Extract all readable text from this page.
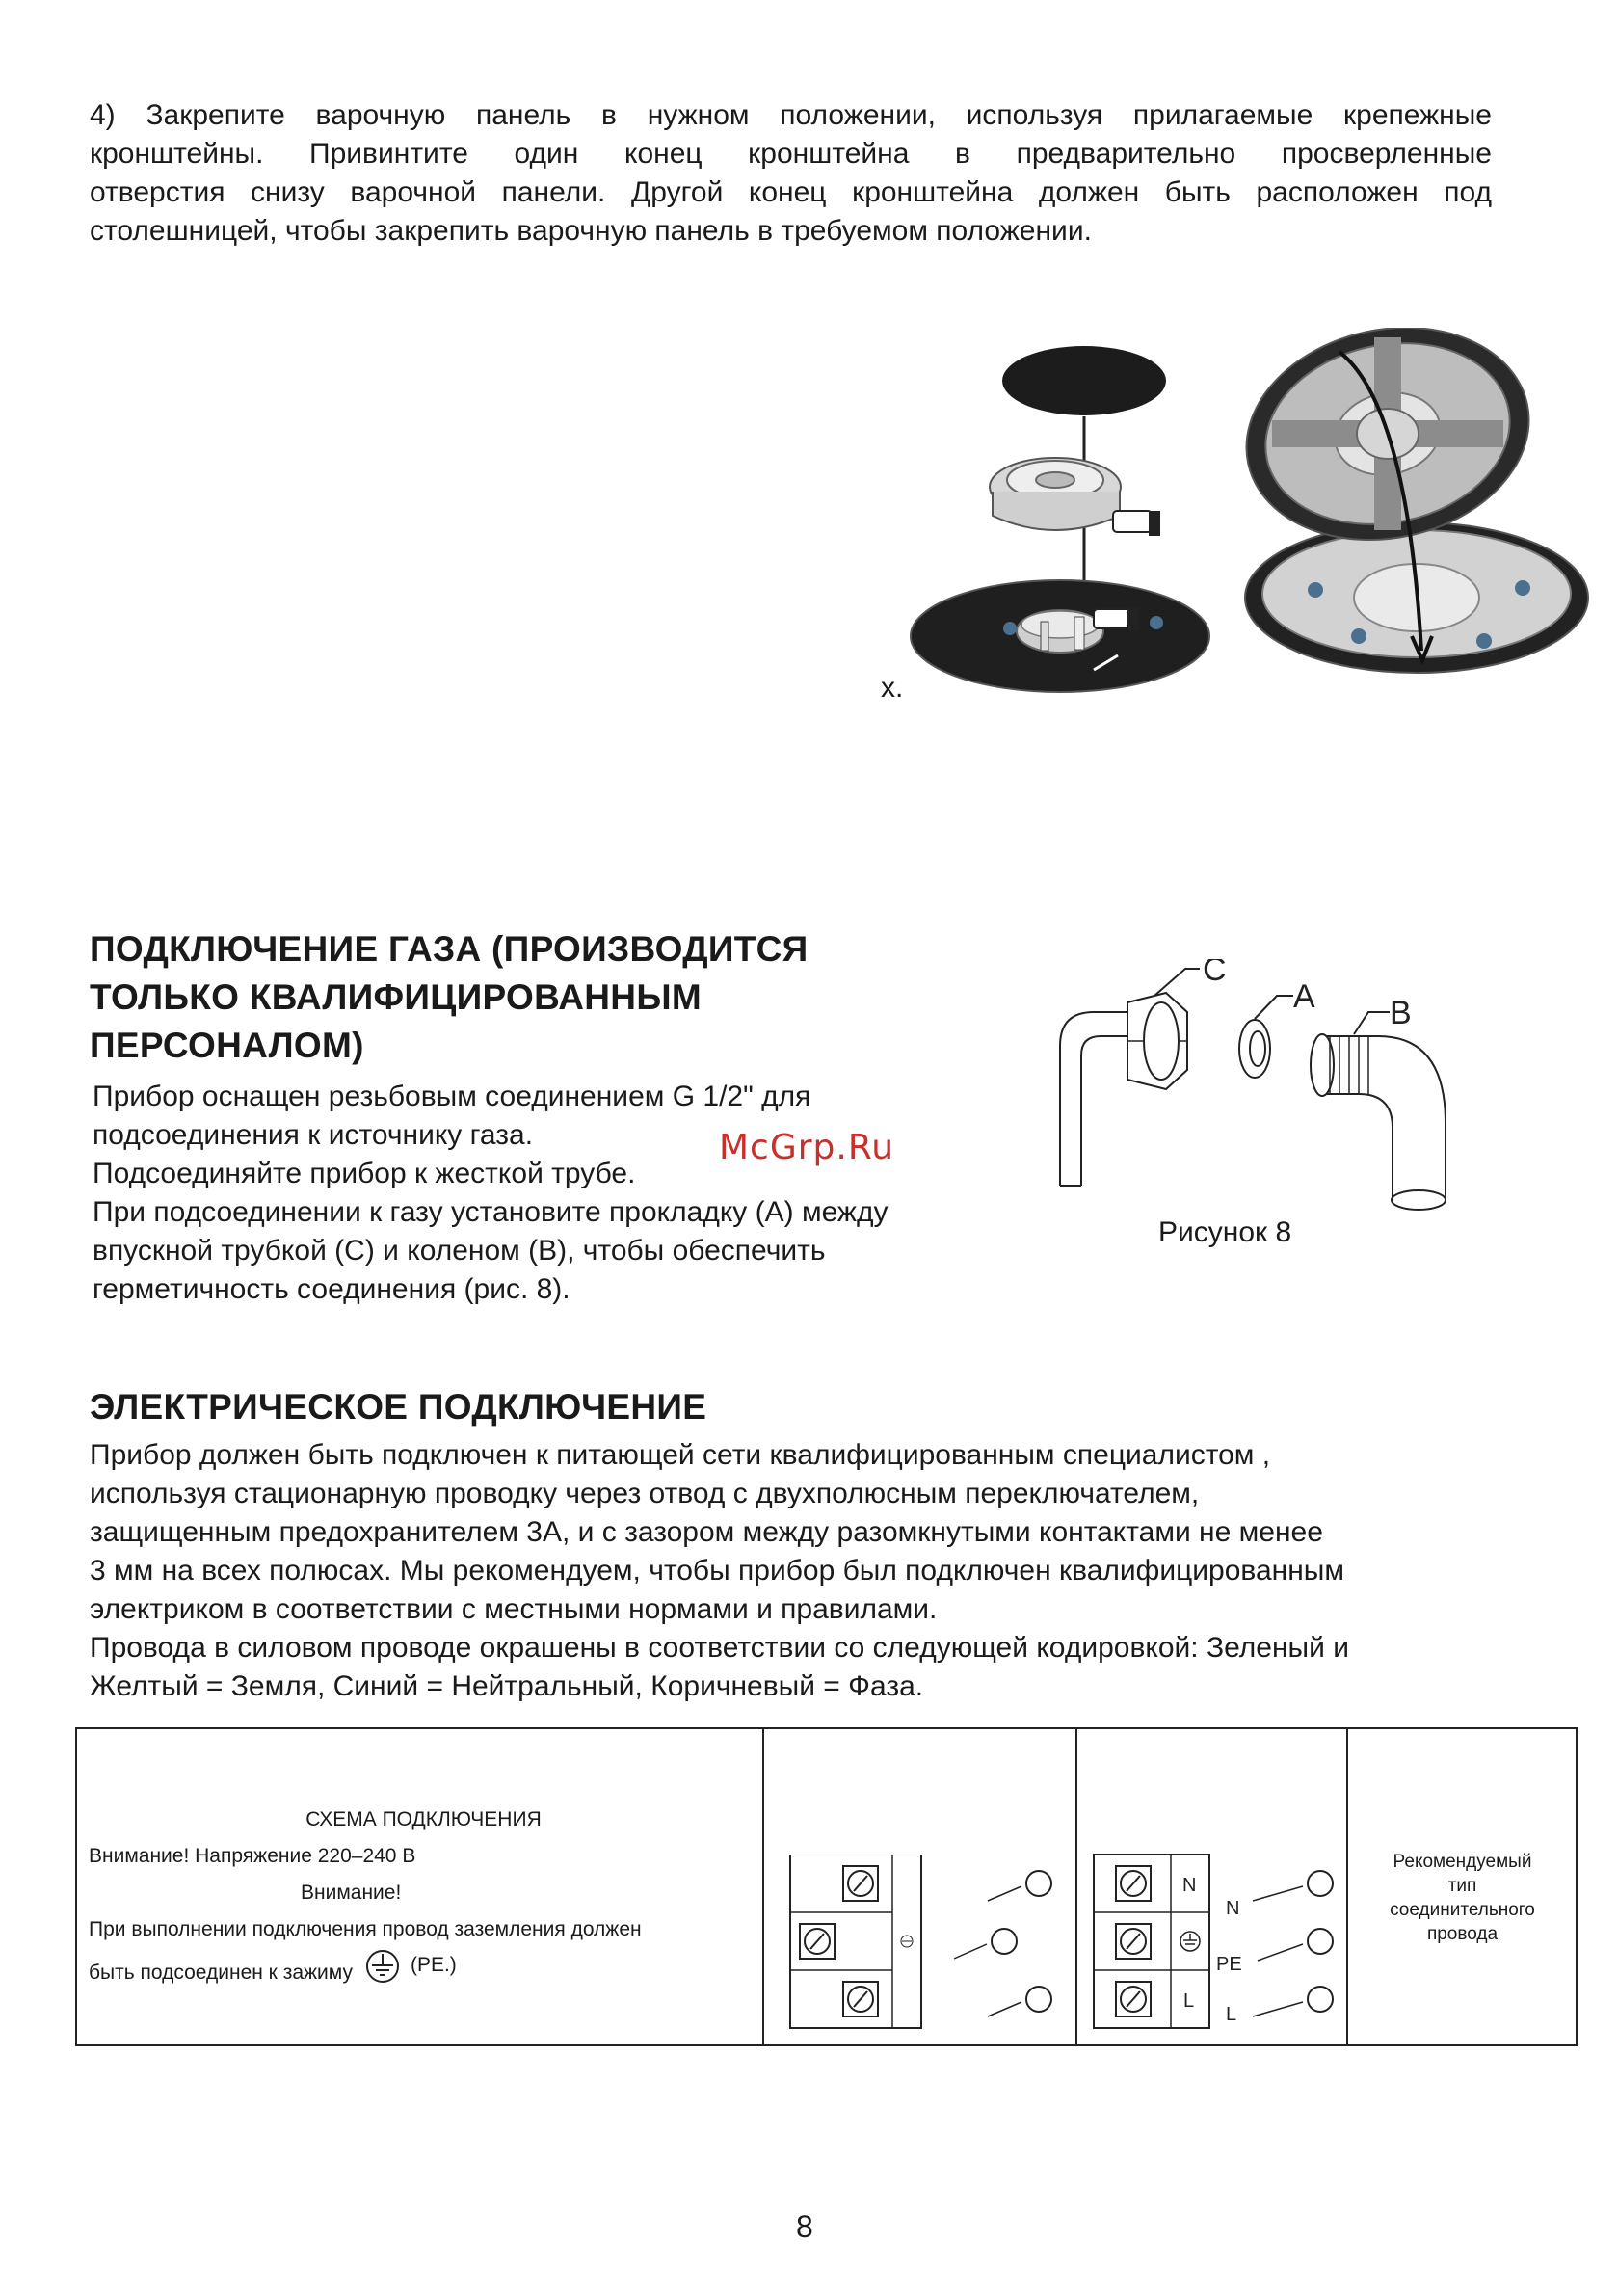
4) Закрепите варочную панель в нужном положении, используя прилагаемые крепежные
кронштейны. Привинтите один конец кронштейна в предварительно просверленные
отверстия снизу варочной панели. Другой конец кронштейна должен быть расположен под
столешницей, чтобы закрепить варочную панель в требуемом положении.
x.
ПОДКЛЮЧЕНИЕ ГАЗА (ПРОИЗВОДИТСЯ
ТОЛЬКО КВАЛИФИЦИРОВАННЫМ
ПЕРСОНАЛОМ)
Прибор оснащен резьбовым соединением G 1/2" для
подсоединения к источнику газа.
Подсоединяйте прибор к жесткой трубе.
При подсоединении к газу установите прокладку (А) между
впускной трубкой (С) и коленом (В), чтобы обеспечить
герметичность соединения (рис. 8).
McGrp.Ru
C
A B
Рисунок 8
ЭЛЕКТРИЧЕСКОЕ ПОДКЛЮЧЕНИЕ
Прибор должен быть подключен к питающей сети квалифицированным специалистом ,
используя стационарную проводку через отвод с двухполюсным переключателем,
защищенным предохранителем 3А, и с зазором между разомкнутыми контактами не менее
3 мм на всех полюсах. Мы рекомендуем, чтобы прибор был подключен квалифицированным
электриком в соответствии с местными нормами и правилами.
Провода в силовом проводе окрашены в соответствии со следующей кодировкой: Зеленый и
Желтый = Земля, Синий = Нейтральный, Коричневый = Фаза.
СХЕМА ПОДКЛЮЧЕНИЯ
Внимание! Напряжение 220–240 В
Внимание!
При выполнении подключения провод заземления должен
быть подсоединен к зажиму	(PE.)
N
L
N
PE
L
Рекомендуемый
тип
соединительного
провода
8
